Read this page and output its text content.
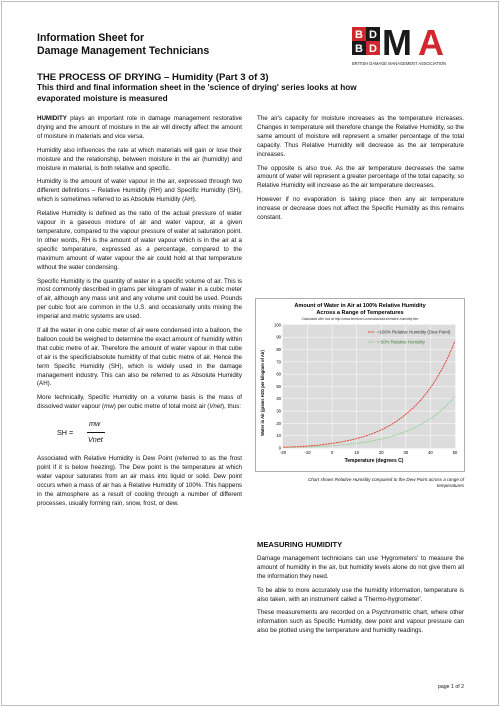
Information Sheet for
Damage Management Technicians
B D
B D M A
BRITISH DAMAGE MANAGEMENT ASSOCIATION
THE PROCESS OF DRYING – Humidity (Part 3 of 3)
This third and final information sheet in the 'science of drying' series looks at how evaporated moisture is measured

HUMIDITY plays an important role in damage management restorative drying and the amount of moisture in the air will directly affect the amount of moisture in materials and vice versa.

Humidity also influences the rate at which materials will gain or lose their moisture and the relationship, between moisture in the air (humidity) and moisture in material, is both relative and specific.

Humidity is the amount of water vapour in the air, expressed through two different definitions – Relative Humidity (RH) and Specific Humidity (SH), which is sometimes referred to as Absolute Humidity (AH).

Relative Humidity is defined as the ratio of the actual pressure of water vapour in a gaseous mixture of air and water vapour, at a given temperature, compared to the vapour pressure of water at saturation point. In other words, RH is the amount of water vapour which is in the air at a specific temperature, expressed as a percentage, compared to the maximum amount of water vapour the air could hold at that temperature without the water condensing.

Specific Humidity is the quantity of water in a specific volume of air. This is most commonly described in grams per kilogram of water in a cubic meter of air, although any mass unit and any volume unit could be used. Pounds per cubic foot are common in the U.S. and occasionally units mixing the imperial and metric systems are used.

If all the water in one cubic meter of air were condensed into a balloon, the balloon could be weighed to determine the exact amount of humidity within that cubic metre of air. Therefore the amount of water vapour in that cube of air is the specific/absolute humidity of that cubic metre of air. Hence the term Specific Humidity (SH), which is widely used in the damage management industry. This can also be referred to as Absolute Humidity (AH).

More technically, Specific Humidity on a volume basis is the mass of dissolved water vapour (mw) per cubic metre of total moist air (Vnet), thus:

SH =
mw
Vnet

Associated with Relative Humidity is Dew Point (referred to as the frost point if it is below freezing). The Dew point is the temperature at which water vapour saturates from an air mass into liquid or solid. Dew point occurs when a mass of air has a Relative Humidity of 100%. This happens in the atmosphere as a result of cooling through a number of different processes, usually forming rain, snow, frost, or dew.

The air's capacity for moisture increases as the temperature increases. Changes in temperature will therefore change the Relative Humidity, so the same amount of moisture will represent a smaller percentage of the total capacity. Thus Relative Humidity will decrease as the air temperature increases.

The opposite is also true. As the air temperature decreases the same amount of water will represent a greater percentage of the total capacity, so Relative Humidity will increase as the air temperature decreases.

However if no evaporation is taking place then any air temperature increase or decrease does not affect the Specific Humidity as this remains constant.

Amount of Water in Air at 100% Relative Humidity
Across a Range of Temperatures
Calculated with tool at http://www.lenntech.com/calculators/relative-humidity.htm
0
10
20
30
40
50
60
70
80
90
100
-20	-10	0	10	20	30	40	50
=100% Relative Humidity (Dew Point)
= 50% Relative Humidity
Temperature (degrees C)
Water in Air (grams H2O per kilogram of Air)
Chart shows Relative Humidity compared to the Dew Point across a range of temperatures
MEASURING HUMIDITY

Damage management technicians can use 'Hygrometers' to measure the amount of humidity in the air, but humidity levels alone do not give them all the information they need.

To be able to more accurately use the humidity information, temperature is also taken, with an instrument called a 'Thermo-hygrometer'.

These measurements are recorded on a Psychrometric chart, where other information such as Specific Humidity, dew point and vapour pressure can also be plotted using the temperature and humidity readings.

page 1 of 2
